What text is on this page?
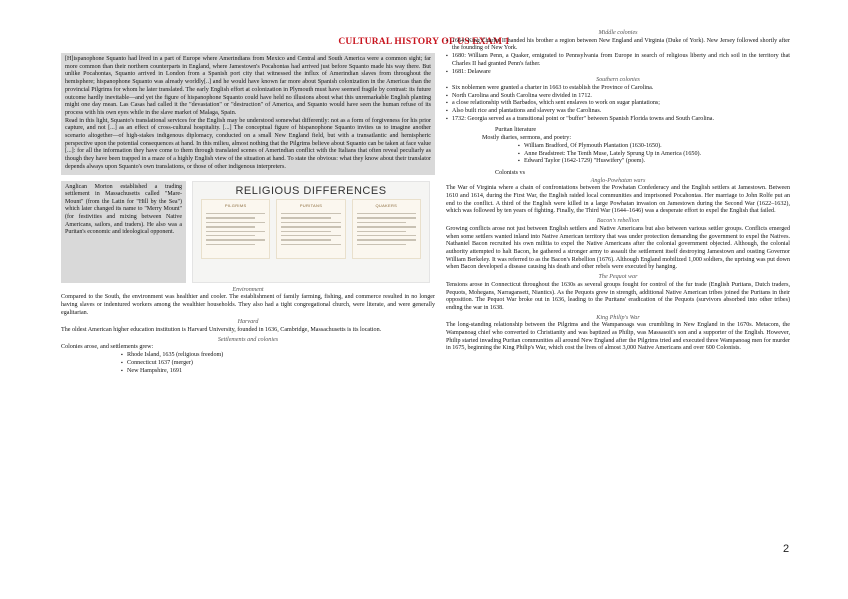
CULTURAL HISTORY OF US EXAM 1

[H]ispanophone Squanto had lived in a part of Europe where Amerindians from Mexico and Central and South America were a common sight; far more common than their northern counterparts in England, where Jamestown's Pocahontas had arrived just before Squanto made his way there. But unlike Pocahontas, Squanto arrived in London from a Spanish port city that witnessed the influx of Amerindian slaves from throughout the hemisphere; hispanophone Squanto was already worldly[..] and he would have known far more about Spanish colonization in the Americas than the provincial Pilgrims for whom he later translated. The early English effort at colonization in Plymouth must have seemed fragile by contrast: its future outcome hardly inevitable—and yet the figure of hispanophone Squanto could have held no illusions about what this unremarkable English planting might one day mean. Las Casas had called it the "devastation" or "destruction" of America, and Squanto would have seen the human refuse of its process with his own eyes while in the slave market of Malaga, Spain.

Read in this light, Squanto's translational services for the English may be understood somewhat differently: not as a form of forgiveness for his prior capture, and not [...] as an effect of cross-cultural hospitality. [...] The conceptual figure of hispanophone Squanto invites us to imagine another scenario altogether—of high-stakes indigenous diplomacy, conducted on a small New England field, but with a transatlantic and hemispheric perspective upon the potential consequences at hand. In this milieu, almost nothing that the Pilgrims believe about Squanto can be taken at face value [...]: for all the information they have come to them through translated scenes of Amerindian conflict with the Italians that often reveal peculiarly as though they have been trapped in a maze of a highly English view of the situation at hand. To state the obvious: what they know about their translator depends always upon Squanto's own translations, or those of other indigenous interpreters.

Anglican Morton established a trading settlement in Massachusetts called "Mare-Mount" (from the Latin for "Hill by the Sea") which later changed its name to "Merry Mount" (for festivities and mixing between Native Americans, sailors, and traders). He also was a Puritan's economic and ideological opponent.
RELIGIOUS DIFFERENCES
PILGRIMS	PURITANS	QUAKERS
Environment

Compared to the South, the environment was healthier and cooler. The establishment of family farming, fishing, and commerce resulted in no longer having slaves or indentured workers among the wealthier households. They also had a tight congregational church, were literate, and were generally egalitarian.

Harvard

The oldest American higher education institution is Harvard University, founded in 1636, Cambridge, Massachusetts is its location.

Settlements and colonies

Colonies arose, and settlements grew:

▪ Rhode Island, 1635 (religious freedom)
▪ Connecticut 1637 (merger)
▪ New Hampshire, 1691
Middle colonies
▪ 1664: King Charles II handed his brother a region between New England and Virginia (Duke of York). New Jersey followed shortly after the founding of New York.
▪ 1680: William Penn, a Quaker, emigrated to Pennsylvania from Europe in search of religious liberty and rich soil in the territory that Charles II had granted Penn's father.
▪ 1681: Delaware
Southern colonies
▪ Six noblemen were granted a charter in 1663 to establish the Province of Carolina.
▪ North Carolina and South Carolina were divided in 1712.
▪ a close relationship with Barbados, which sent enslaves to work on sugar plantations;
▪ Also built rice and plantations and slavery was the Carolinas.
▪ 1732: Georgia served as a transitional point or "buffer" between Spanish Florida towns and South Carolina.
Puritan literature
Mostly diaries, sermons, and poetry:
▪ William Bradford, Of Plymouth Plantation (1630-1650).
▪ Anne Bradstreet: The Tenth Muse, Lately Sprung Up in America (1650).
▪ Edward Taylor (1642-1729) "Huswifery" (poem).
Colonists vs
Anglo-Powhatan wars

The War of Virginia where a chain of confrontations between the Powhatan Confederacy and the English settlers at Jamestown. Between 1610 and 1614, during the First War, the English raided local communities and imprisoned Pocahontas. Her marriage to John Rolfe put an end to the conflict. A third of the English were killed in a large Powhatan invasion on Jamestown during the Second War (1622–1632), which was followed by ten years of fighting. Finally, the Third War (1644–1646) was a desperate effort to expel the English that failed.

Bacon's rebellion

Growing conflicts arose not just between English settlers and Native Americans but also between various settler groups. Conflicts emerged when some settlers wanted inland into Native American territory that was under protection demanding the government to expel the Natives. Nathaniel Bacon recruited his own militia to expel the Native Americans after the colonial government objected. Although, the colonial authority attempted to halt Bacon, he gathered a stronger army to assault the settlement itself destroying Jamestown and ousting Governor William Berkeley. It was referred to as the Bacon's Rebellion (1676). Although England mobilized 1,000 soldiers, the uprising was put down when Bacon developed a disease causing his death and other rebels were executed by hanging.

The Pequot war

Tensions arose in Connecticut throughout the 1630s as several groups fought for control of the fur trade (English Puritans, Dutch traders, Pequots, Mohegans, Narragansett, Niantics). As the Pequots grew in strength, additional Native American tribes joined the Puritans in their opposition. The Pequot War broke out in 1636, leading to the Puritans' eradication of the Pequots (survivors absorbed into other tribes) ending the war in 1638.

King Philip's War

The long-standing relationship between the Pilgrims and the Wampanoags was crumbling in New England in the 1670s. Metacom, the Wampanoag chief who converted to Christianity and was baptized as Philip, was Massasoit's son and a supporter of the English. However, Philip started invading Puritan communities all around New England after the Pilgrims tried and executed three Wampanoag men for murder in 1675, beginning the King Philip's War, which cost the lives of almost 3,000 Native Americans and over 600 Colonists.

2
